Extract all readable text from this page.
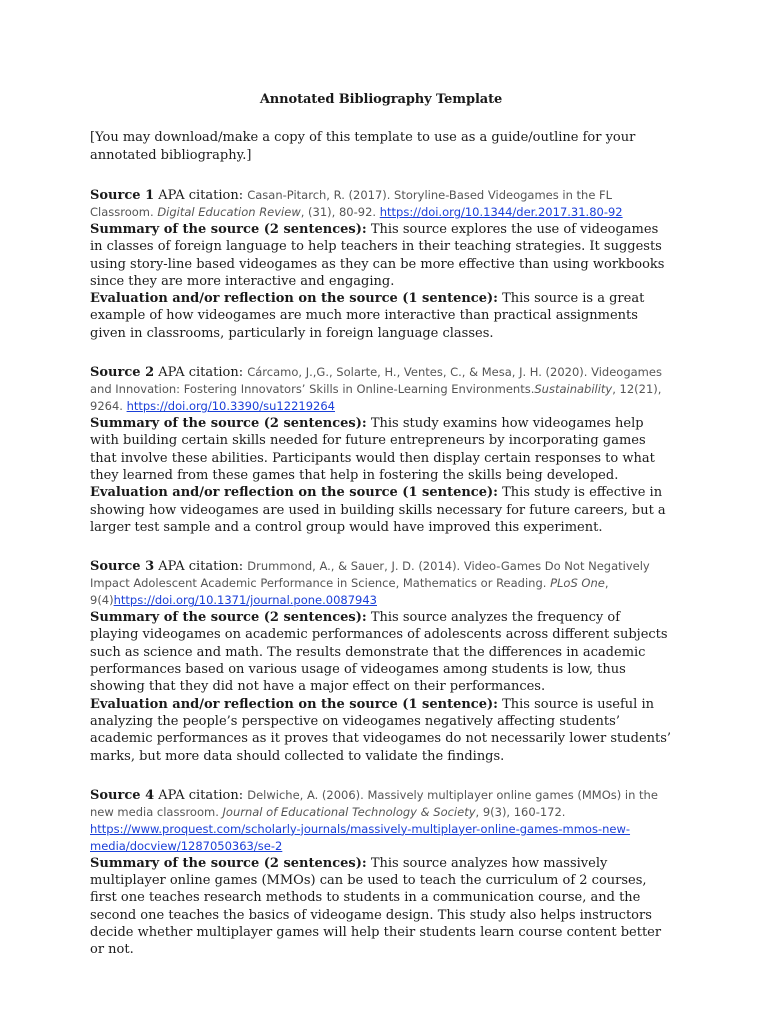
Annotated Bibliography Template
[You may download/make a copy of this template to use as a guide/outline for your annotated bibliography.]
Source 1 APA citation: Casan-Pitarch, R. (2017). Storyline-Based Videogames in the FL Classroom. Digital Education Review, (31), 80-92. https://doi.org/10.1344/der.2017.31.80-92

Summary of the source (2 sentences): This source explores the use of videogames in classes of foreign language to help teachers in their teaching strategies. It suggests using story-line based videogames as they can be more effective than using workbooks since they are more interactive and engaging.

Evaluation and/or reflection on the source (1 sentence): This source is a great example of how videogames are much more interactive than practical assignments given in classrooms, particularly in foreign language classes.

Source 2 APA citation: Cárcamo, J.,G., Solarte, H., Ventes, C., & Mesa, J. H. (2020). Videogames and Innovation: Fostering Innovators’ Skills in Online-Learning Environments.Sustainability, 12(21), 9264. https://doi.org/10.3390/su12219264

Summary of the source (2 sentences): This study examins how videogames help with building certain skills needed for future entrepreneurs by incorporating games that involve these abilities. Participants would then display certain responses to what they learned from these games that help in fostering the skills being developed.

Evaluation and/or reflection on the source (1 sentence): This study is effective in showing how videogames are used in building skills necessary for future careers, but a larger test sample and a control group would have improved this experiment.

Source 3 APA citation: Drummond, A., & Sauer, J. D. (2014). Video-Games Do Not Negatively Impact Adolescent Academic Performance in Science, Mathematics or Reading. PLoS One, 9(4)https://doi.org/10.1371/journal.pone.0087943

Summary of the source (2 sentences): This source analyzes the frequency of playing videogames on academic performances of adolescents across different subjects such as science and math. The results demonstrate that the differences in academic performances based on various usage of videogames among students is low, thus showing that they did not have a major effect on their performances.

Evaluation and/or reflection on the source (1 sentence): This source is useful in analyzing the people’s perspective on videogames negatively affecting students’ academic performances as it proves that videogames do not necessarily lower students’ marks, but more data should collected to validate the findings.

Source 4 APA citation: Delwiche, A. (2006). Massively multiplayer online games (MMOs) in the new media classroom. Journal of Educational Technology & Society, 9(3), 160-172. https://www.proquest.com/scholarly-journals/massively-multiplayer-online-games-mmos-new-media/docview/1287050363/se-2

Summary of the source (2 sentences): This source analyzes how massively multiplayer online games (MMOs) can be used to teach the curriculum of 2 courses, first one teaches research methods to students in a communication course, and the second one teaches the basics of videogame design. This study also helps instructors decide whether multiplayer games will help their students learn course content better or not.
